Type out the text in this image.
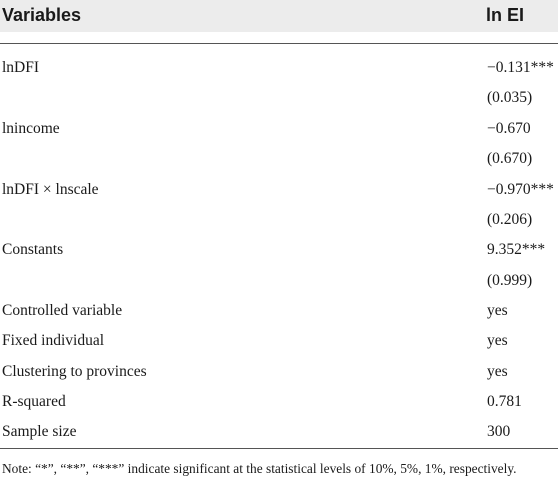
Variables	ln EI
lnDFI	−0.131***
(0.035)
lnincome	−0.670
(0.670)
lnDFI × lnscale	−0.970***
(0.206)
Constants	9.352***
(0.999)
Controlled variable	yes
Fixed individual	yes
Clustering to provinces	yes
R-squared	0.781
Sample size	300
Note: “*”, “**”, “***” indicate significant at the statistical levels of 10%, 5%, 1%, respectively.
